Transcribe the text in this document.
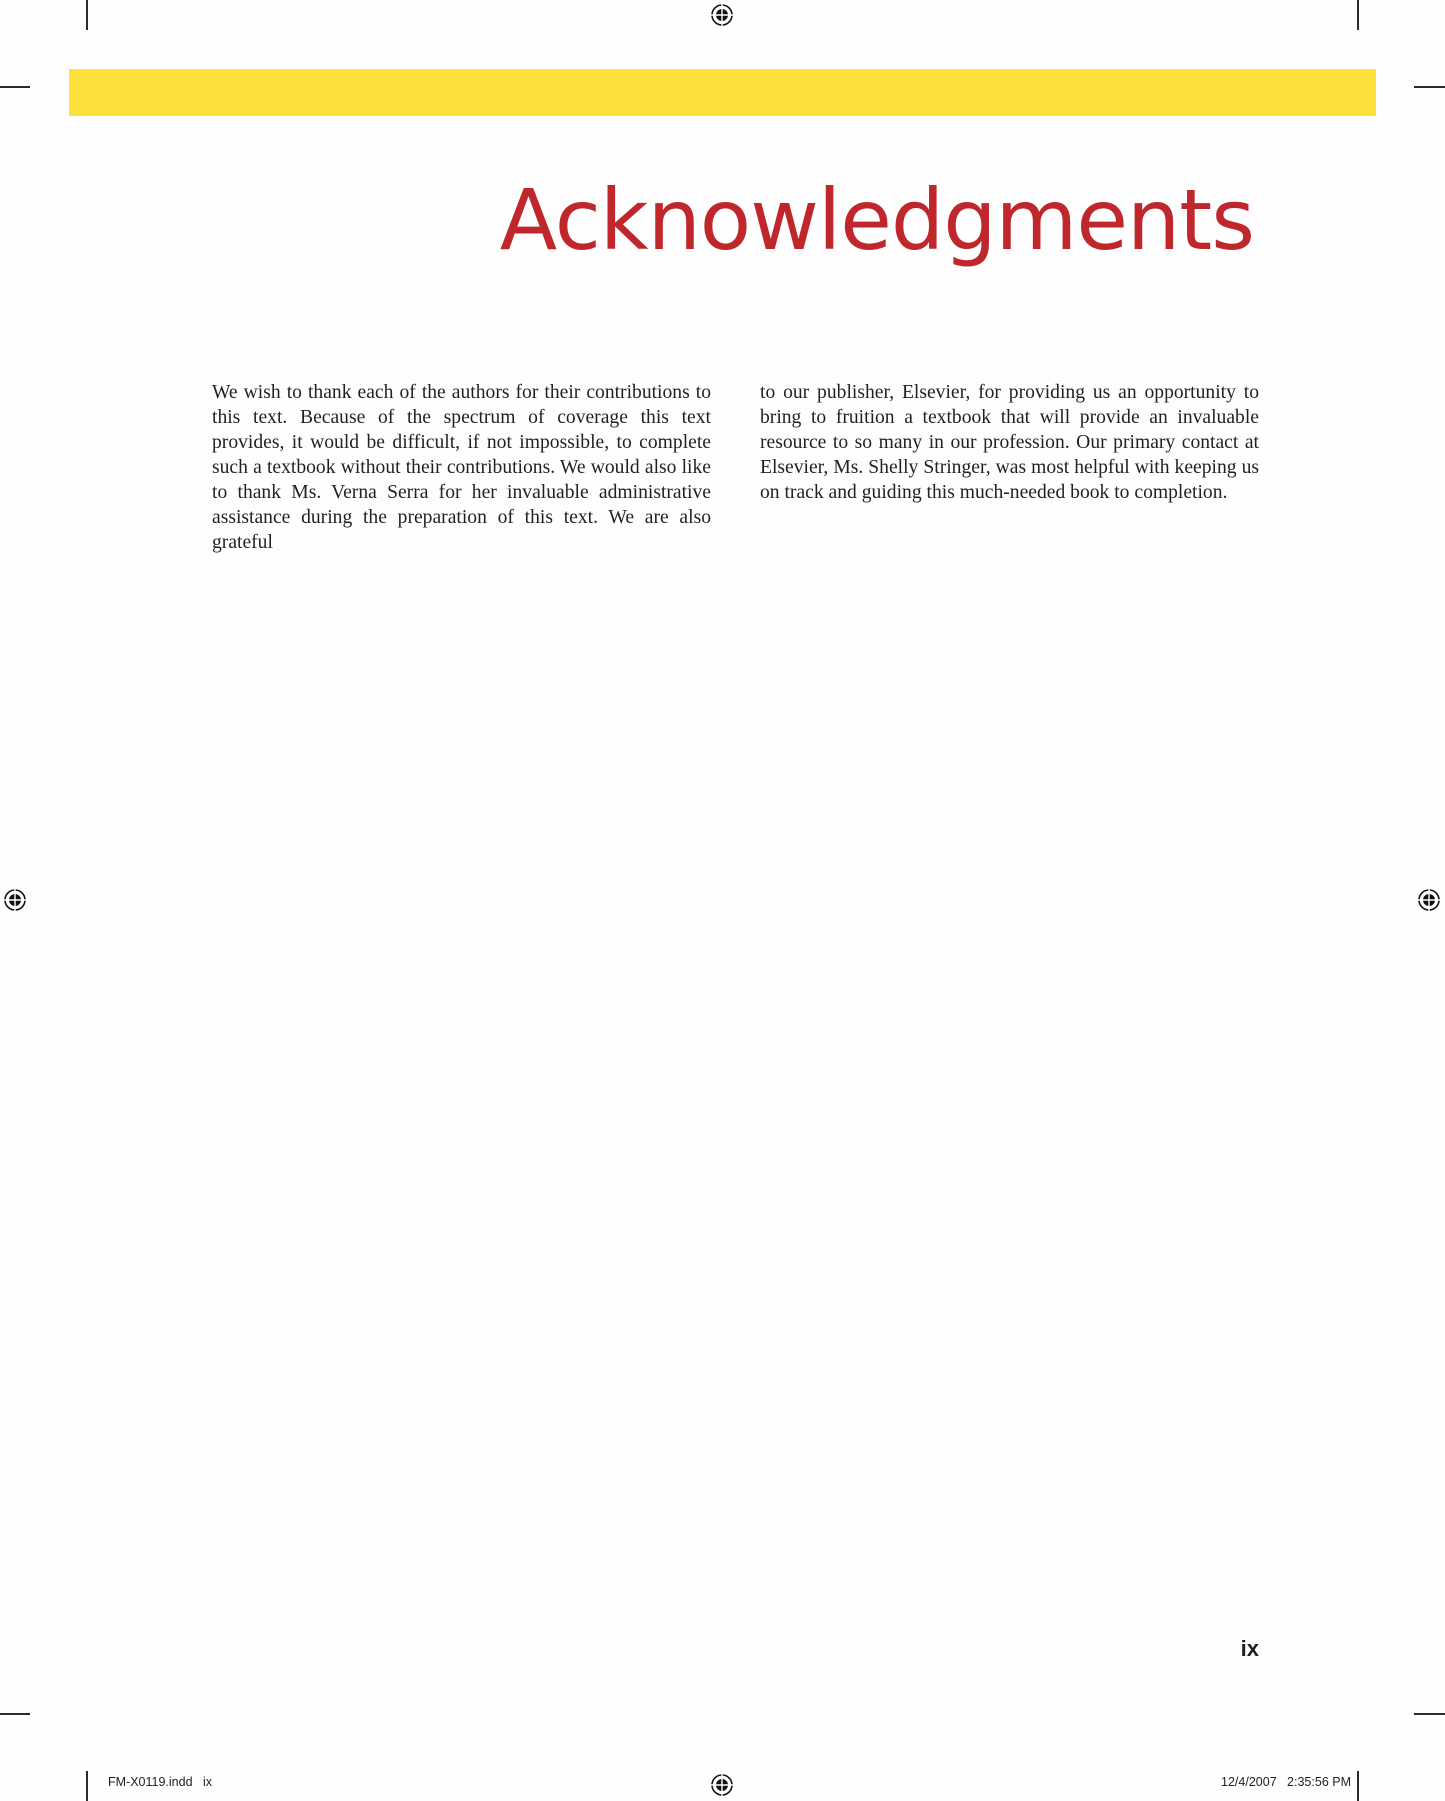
Acknowledgments

We wish to thank each of the authors for their contributions to this text. Because of the spectrum of coverage this text provides, it would be difficult, if not impossible, to complete such a textbook without their contributions. We would also like to thank Ms. Verna Serra for her invaluable administrative assistance during the preparation of this text. We are also grateful

to our publisher, Elsevier, for providing us an opportunity to bring to fruition a textbook that will provide an invaluable resource to so many in our profession. Our primary contact at Elsevier, Ms. Shelly Stringer, was most helpful with keeping us on track and guiding this much-needed book to completion.

ix
FM-X0119.indd   ix	12/4/2007   2:35:56 PM
